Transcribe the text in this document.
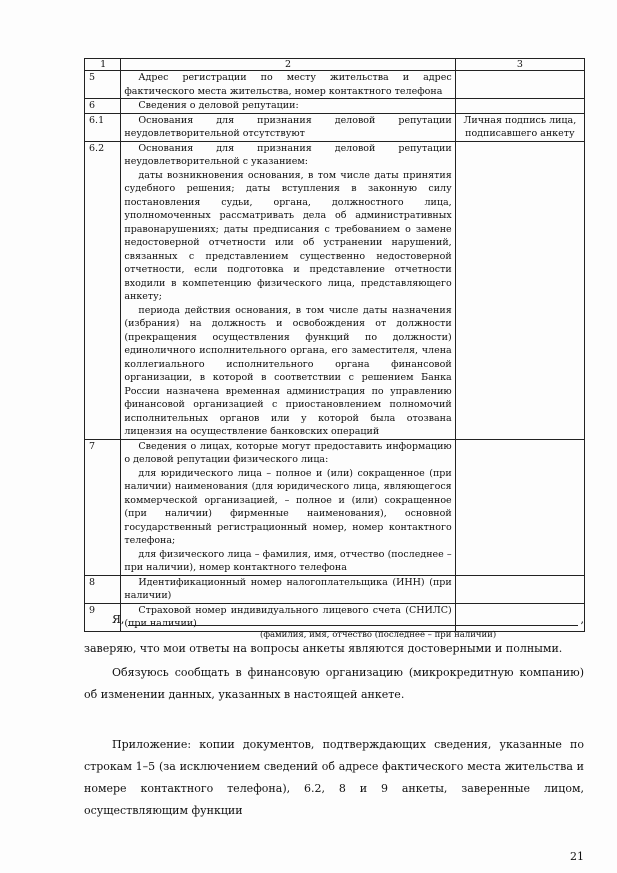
1	2	3
5	Адрес регистрации по месту жительства и адрес фактического места жительства, номер контактного телефона	

6	Сведения о деловой репутации:	

6.1	Основания для признания деловой репутации неудовлетворительной отсутствуют	Личная подпись лица, подписавшего анкету
6.2	Основания для признания деловой репутации неудовлетворительной с указанием:
даты возникновения основания, в том числе даты принятия судебного решения; даты вступления в законную силу постановления судьи, органа, должностного лица, уполномоченных рассматривать дела об административных правонарушениях; даты предписания с требованием о замене недостоверной отчетности или об устранении нарушений, связанных с представлением существенно недостоверной отчетности, если подготовка и представление отчетности входили в компетенцию физического лица, представляющего анкету;
периода действия основания, в том числе даты назначения (избрания) на должность и освобождения от должности (прекращения осуществления функций по должности) единоличного исполнительного органа, его заместителя, члена коллегиального исполнительного органа финансовой организации, в которой в соответствии с решением Банка России назначена временная администрация по управлению финансовой организацией с приостановлением полномочий исполнительных органов или у которой была отозвана лицензия на осуществление банковских операций	

7	Сведения о лицах, которые могут предоставить информацию о деловой репутации физического лица:
для юридического лица – полное и (или) сокращенное (при наличии) наименования (для юридического лица, являющегося коммерческой организацией, – полное и (или) сокращенное (при наличии) фирменные наименования), основной государственный регистрационный номер, номер контактного телефона;
для физического лица – фамилия, имя, отчество (последнее – при наличии), номер контактного телефона	

8	Идентификационный номер налогоплательщика (ИНН) (при наличии)	

9	Страховой номер индивидуального лицевого счета (СНИЛС) (при наличии)	

Я,	,
(фамилия, имя, отчество (последнее – при наличии)
заверяю, что мои ответы на вопросы анкеты являются достоверными и полными.
Обязуюсь сообщать в финансовую организацию (микрокредитную компанию) об изменении данных, указанных в настоящей анкете.
Приложение: копии документов, подтверждающих сведения, указанные по строкам 1–5 (за исключением сведений об адресе фактического места жительства и номере контактного телефона), 6.2, 8 и 9 анкеты, заверенные лицом, осуществляющим функции
21
